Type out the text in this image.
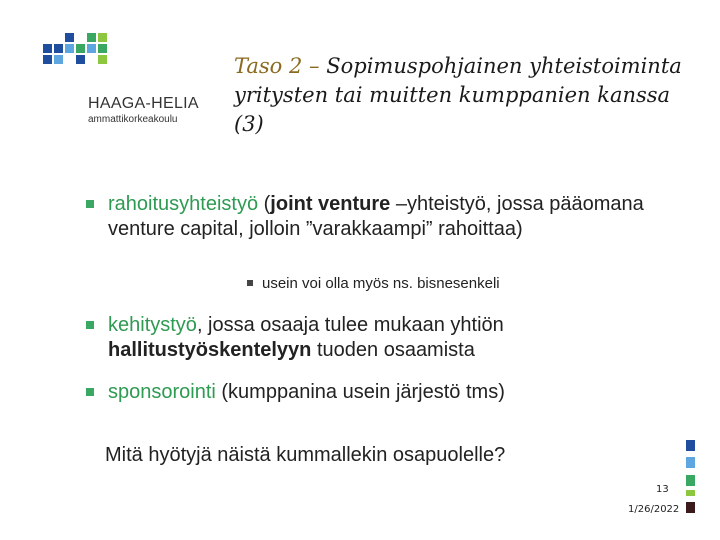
HAAGA-HELIA
ammattikorkeakoulu
Taso 2 – Sopimuspohjainen yhteistoiminta yritysten tai muitten kumppanien kanssa (3)
rahoitusyhteistyö (joint venture –yhteistyö, jossa pääomana venture capital, jolloin ”varakkaampi” rahoittaa)
usein voi olla myös ns. bisnesenkeli
kehitystyö, jossa osaaja tulee mukaan yhtiön hallitustyöskentelyyn tuoden osaamista
sponsorointi (kumppanina usein järjestö tms)
Mitä hyötyjä näistä kummallekin osapuolelle?
13
1/26/2022
